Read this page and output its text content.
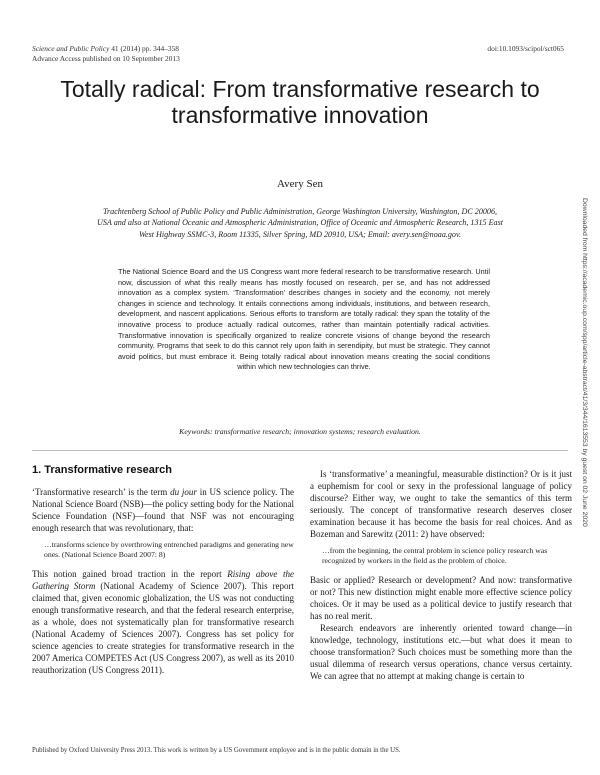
Science and Public Policy 41 (2014) pp. 344–358
Advance Access published on 10 September 2013
doi:10.1093/scipol/sct065
Totally radical: From transformative research to transformative innovation
Avery Sen
Trachtenberg School of Public Policy and Public Administration, George Washington University, Washington, DC 20006, USA and also at National Oceanic and Atmospheric Administration, Office of Oceanic and Atmospheric Research, 1315 East West Highway SSMC-3, Room 11335, Silver Spring, MD 20910, USA; Email: avery.sen@noaa.gov.
The National Science Board and the US Congress want more federal research to be transformative research. Until now, discussion of what this really means has mostly focused on research, per se, and has not addressed innovation as a complex system. ‘Transformation’ describes changes in society and the economy, not merely changes in science and technology. It entails connections among individuals, institutions, and between research, development, and nascent applications. Serious efforts to transform are totally radical: they span the totality of the innovative process to produce actually radical outcomes, rather than maintain potentially radical activities. Transformative innovation is specifically organized to realize concrete visions of change beyond the research community. Programs that seek to do this cannot rely upon faith in serendipity, but must be strategic. They cannot avoid politics, but must embrace it. Being totally radical about innovation means creating the social conditions within which new technologies can thrive.
Keywords: transformative research; innovation systems; research evaluation.
1. Transformative research

‘Transformative research’ is the term du jour in US science policy. The National Science Board (NSB)—the policy setting body for the National Science Foundation (NSF)—found that NSF was not encouraging enough research that was revolutionary, that:

…transforms science by overthrowing entrenched paradigms and generating new ones. (National Science Board 2007: 8)

This notion gained broad traction in the report Rising above the Gathering Storm (National Academy of Science 2007). This report claimed that, given economic globalization, the US was not conducting enough transformative research, and that the federal research enterprise, as a whole, does not systematically plan for transformative research (National Academy of Sciences 2007). Congress has set policy for science agencies to create strategies for transformative research in the 2007 America COMPETES Act (US Congress 2007), as well as its 2010 reauthorization (US Congress 2011).

Is ‘transformative’ a meaningful, measurable distinction? Or is it just a euphemism for cool or sexy in the professional language of policy discourse? Either way, we ought to take the semantics of this term seriously. The concept of transformative research deserves closer examination because it has become the basis for real choices. And as Bozeman and Sarewitz (2011: 2) have observed:

…from the beginning, the central problem in science policy research was recognized by workers in the field as the problem of choice.

Basic or applied? Research or development? And now: transformative or not? This new distinction might enable more effective science policy choices. Or it may be used as a political device to justify research that has no real merit.

Research endeavors are inherently oriented toward change—in knowledge, technology, institutions etc.—but what does it mean to choose transformation? Such choices must be something more than the usual dilemma of research versus operations, chance versus certainty. We can agree that no attempt at making change is certain to

Published by Oxford University Press 2013. This work is written by a US Government employee and is in the public domain in the US.
Downloaded from https://academic.oup.com/spp/article-abstract/41/3/344/1613553 by guest on 02 June 2020
